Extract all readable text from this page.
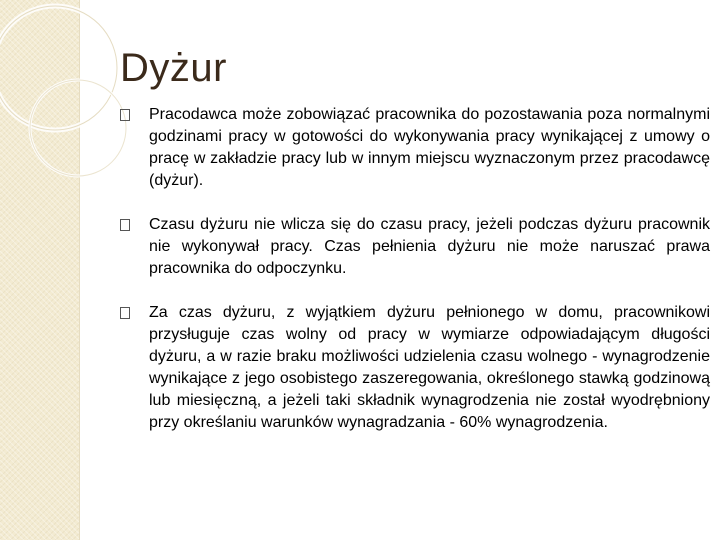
Dyżur

Pracodawca może zobowiązać pracownika do pozostawania poza normalnymi godzinami pracy w gotowości do wykonywania pracy wynikającej z umowy o pracę w zakładzie pracy lub w innym miejscu wyznaczonym przez pracodawcę (dyżur).

Czasu dyżuru nie wlicza się do czasu pracy, jeżeli podczas dyżuru pracownik nie wykonywał pracy. Czas pełnienia dyżuru nie może naruszać prawa pracownika do odpoczynku.

Za czas dyżuru, z wyjątkiem dyżuru pełnionego w domu, pracownikowi przysługuje czas wolny od pracy w wymiarze odpowiadającym długości dyżuru, a w razie braku możliwości udzielenia czasu wolnego - wynagrodzenie wynikające z jego osobistego zaszeregowania, określonego stawką godzinową lub miesięczną, a jeżeli taki składnik wynagrodzenia nie został wyodrębniony przy określaniu warunków wynagradzania - 60% wynagrodzenia.
